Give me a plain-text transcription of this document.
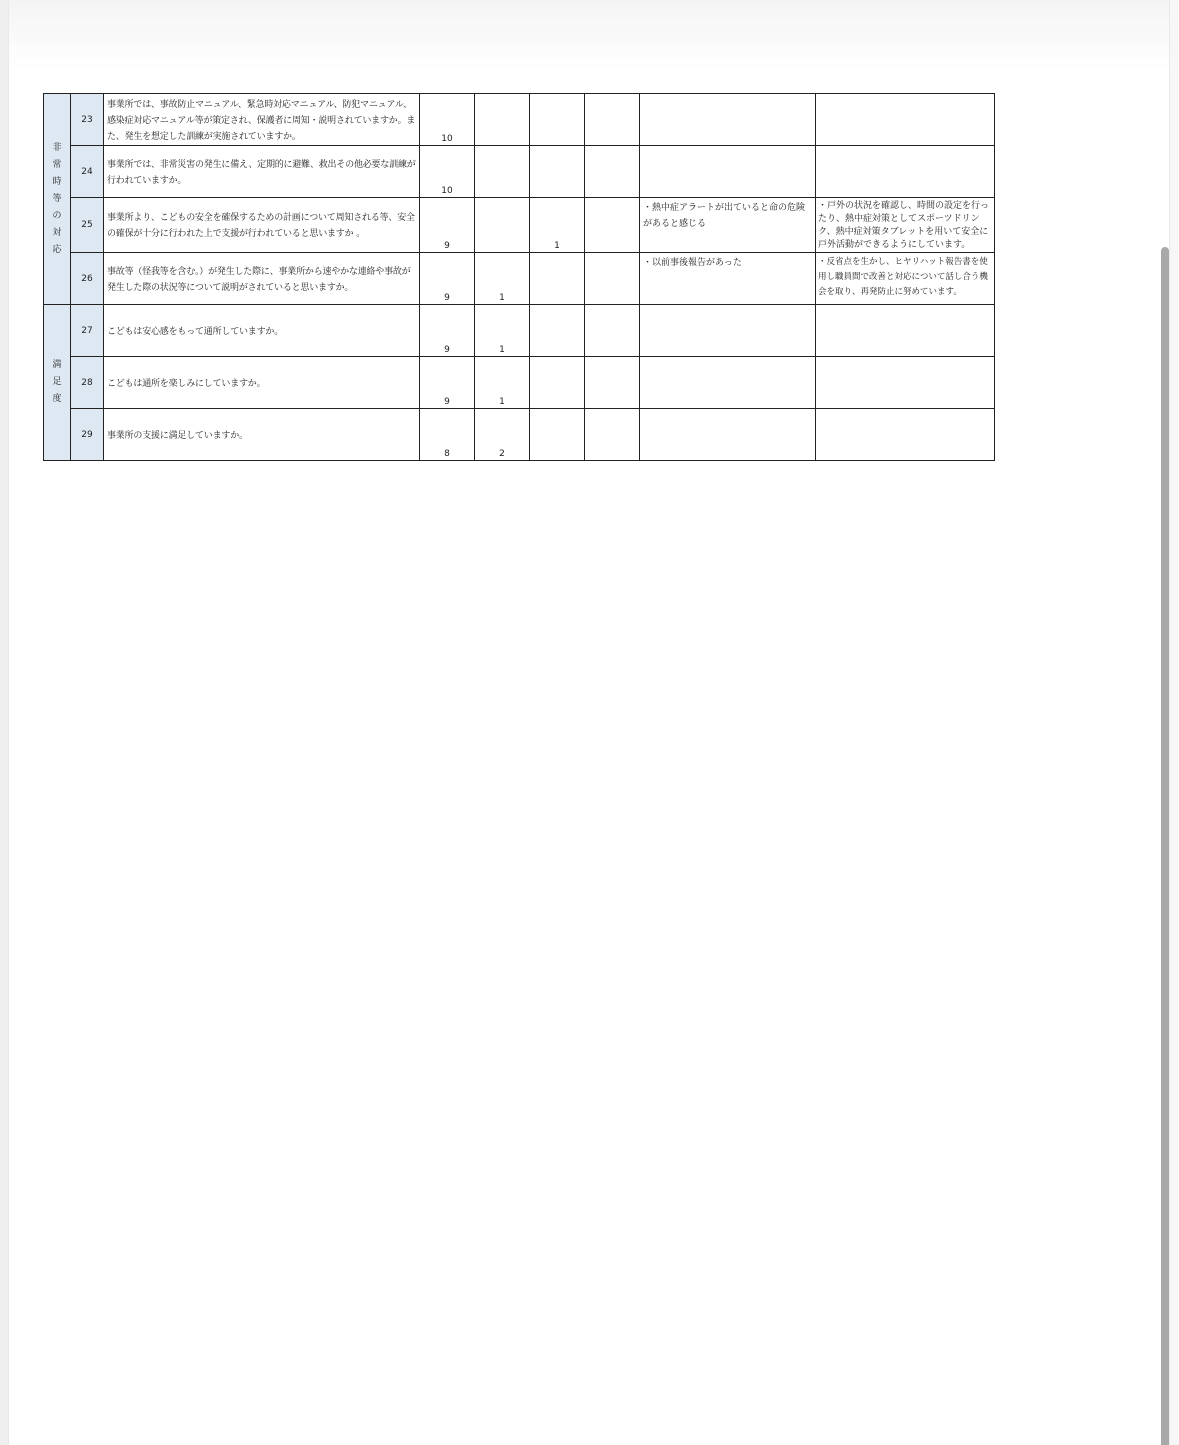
非常時等の対応	23	事業所では、事故防止マニュアル、緊急時対応マニュアル、防犯マニュアル、感染症対応マニュアル等が策定され、保護者に周知・説明されていますか。また、発生を想定した訓練が実施されていますか。	10					
	24	事業所では、非常災害の発生に備え、定期的に避難、救出その他必要な訓練が行われていますか。	10					
	25	事業所より、こどもの安全を確保するための計画について周知される等、安全の確保が十分に行われた上で支援が行われていると思いますか 。	9		1		・熱中症アラートが出ていると命の危険があると感じる	・戸外の状況を確認し、時間の設定を行ったり、熱中症対策としてスポーツドリンク、熱中症対策タブレットを用いて安全に戸外活動ができるようにしています。
	26	事故等（怪我等を含む。）が発生した際に、事業所から速やかな連絡や事故が発生した際の状況等について説明がされていると思いますか。	9	1			・以前事後報告があった	・反省点を生かし、ヒヤリハット報告書を使用し職員間で改善と対応について話し合う機会を取り、再発防止に努めています。

満足度	27	こどもは安心感をもって通所していますか。	9	1				
	28	こどもは通所を楽しみにしていますか。	9	1				
	29	事業所の支援に満足していますか。	8	2				
